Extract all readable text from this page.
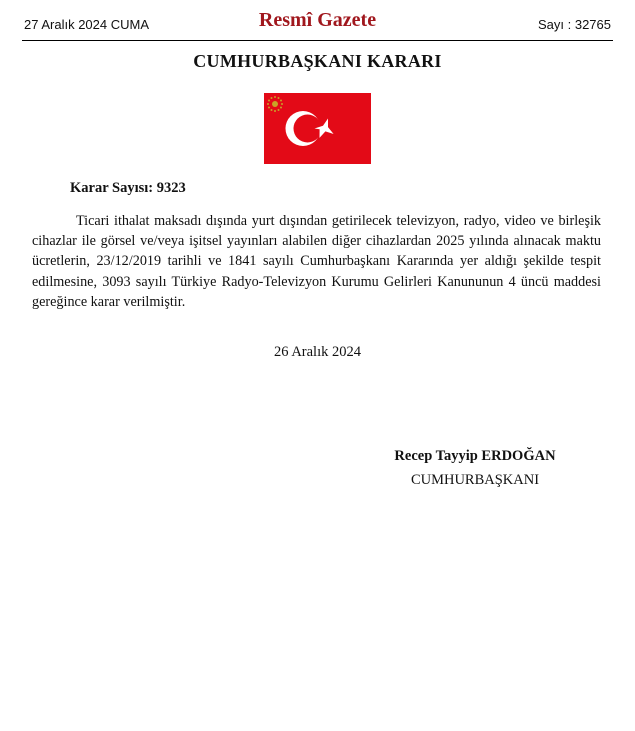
27 Aralık 2024 CUMA	Resmî Gazete	Sayı : 32765
CUMHURBAŞKANI KARARI
Karar Sayısı: 9323

Ticari ithalat maksadı dışında yurt dışından getirilecek televizyon, radyo, video ve birleşik cihazlar ile görsel ve/veya işitsel yayınları alabilen diğer cihazlardan 2025 yılında alınacak maktu ücretlerin, 23/12/2019 tarihli ve 1841 sayılı Cumhurbaşkanı Kararında yer aldığı şekilde tespit edilmesine, 3093 sayılı Türkiye Radyo-Televizyon Kurumu Gelirleri Kanununun 4 üncü maddesi gereğince karar verilmiştir.

26 Aralık 2024
Recep Tayyip ERDOĞAN
CUMHURBAŞKANI
